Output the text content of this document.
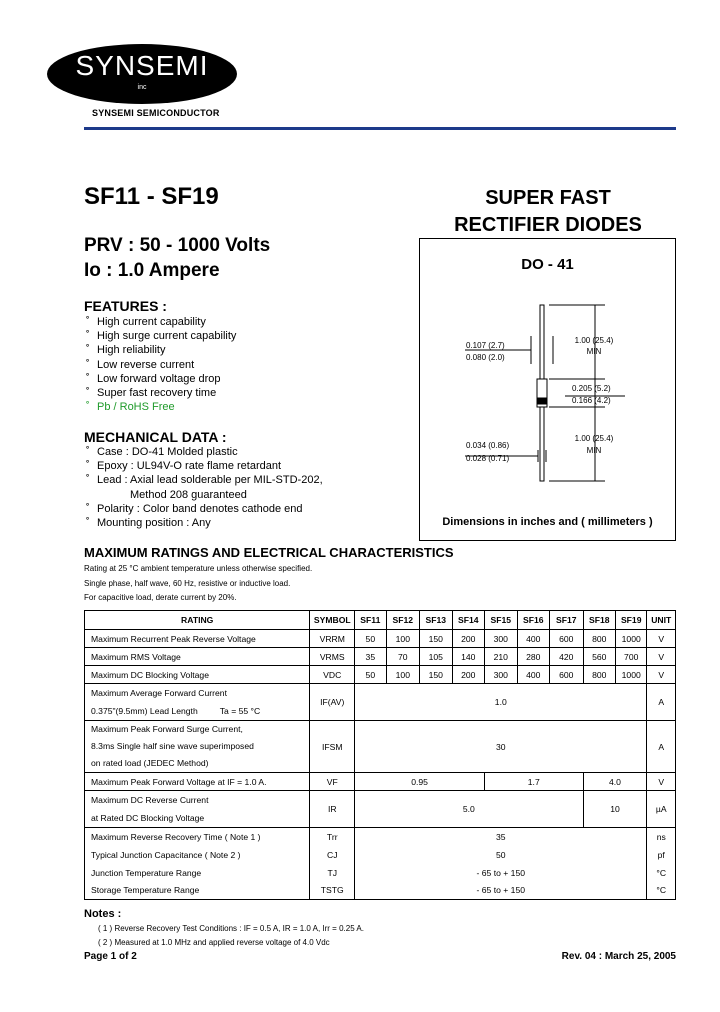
SYNSEMI
inc
SYNSEMI SEMICONDUCTOR
SF11 - SF19
PRV : 50 - 1000 Volts
Io : 1.0 Ampere
SUPER FAST
RECTIFIER DIODES
FEATURES :
˚ High current capability
˚ High surge current capability
˚ High reliability
˚ Low reverse current
˚ Low forward voltage drop
˚ Super fast recovery time
˚ Pb / RoHS Free
MECHANICAL DATA :
˚ Case : DO-41 Molded plastic
˚ Epoxy : UL94V-O rate flame retardant
˚ Lead : Axial lead solderable per MIL-STD-202,
Method 208 guaranteed
˚ Polarity : Color band denotes cathode end
˚ Mounting position : Any
DO - 41
1.00 (25.4)
MIN
0.107 (2.7)
0.080 (2.0)
0.205 (5.2)
0.166 (4.2)
0.034 (0.86)
0.028 (0.71)
1.00 (25.4)
MIN
Dimensions in inches and ( millimeters )
MAXIMUM RATINGS AND ELECTRICAL CHARACTERISTICS
Rating at 25 °C ambient temperature unless otherwise specified.
Single phase, half wave, 60 Hz, resistive or inductive load.
For capacitive load, derate current by 20%.
RATING	SYMBOL	SF11	SF12	SF13	SF14	SF15	SF16	SF17	SF18	SF19	UNIT
Maximum Recurrent Peak Reverse Voltage	VRRM	50	100	150	200	300	400	600	800	1000	V
Maximum RMS Voltage	VRMS	35	70	105	140	210	280	420	560	700	V
Maximum DC Blocking Voltage	VDC	50	100	150	200	300	400	600	800	1000	V

Maximum Average Forward Current
0.375"(9.5mm) Lead Length Ta = 55 °C	IF(AV)	1.0									A

Maximum Peak Forward Surge Current,
8.3ms Single half sine wave superimposed
on rated load (JEDEC Method)	IFSM	30									A
Maximum Peak Forward Voltage at IF = 1.0 A.	VF	0.95				1.7			4.0		V

Maximum DC Reverse Current
at Rated DC Blocking Voltage	IR	5.0							10		µA
Maximum Reverse Recovery Time ( Note 1 )	Trr	35									ns
Typical Junction Capacitance ( Note 2 )	CJ	50									pf
Junction Temperature Range	TJ	- 65 to + 150									°C
Storage Temperature Range	TSTG	- 65 to + 150									°C
Notes :
( 1 ) Reverse Recovery Test Conditions : IF = 0.5 A, IR = 1.0 A, Irr = 0.25 A.
( 2 ) Measured at 1.0 MHz and applied reverse voltage of 4.0 Vdc
Page 1 of 2	Rev. 04 : March 25, 2005
